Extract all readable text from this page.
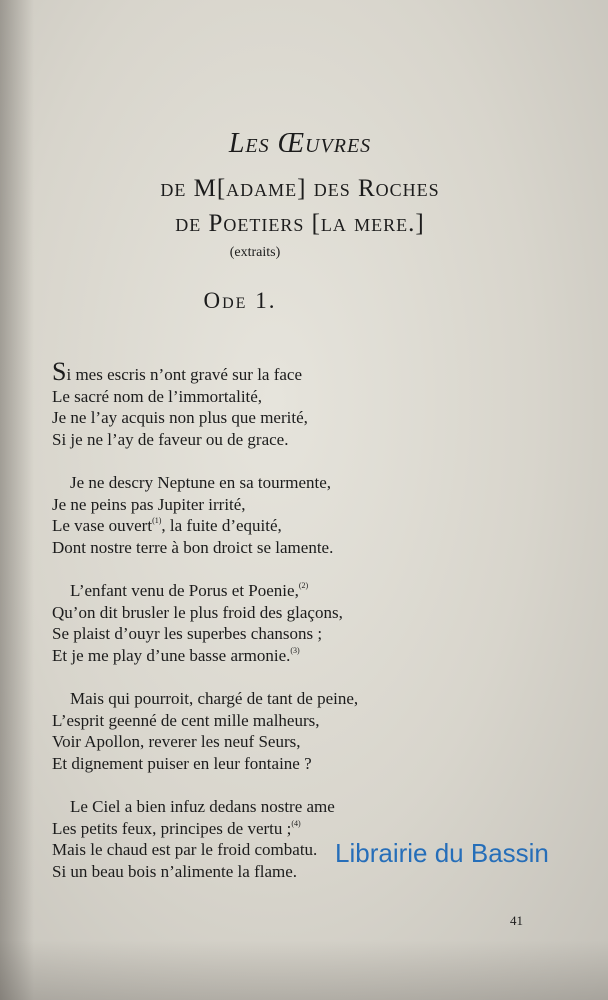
Les Œuvres
de M[adame] des Roches
de Poetiers [la mere.]
(extraits)
Ode 1.
Si mes escris n’ont gravé sur la face
Le sacré nom de l’immortalité,
Je ne l’ay acquis non plus que merité,
Si je ne l’ay de faveur ou de grace.
Je ne descry Neptune en sa tourmente,
Je ne peins pas Jupiter irrité,
Le vase ouvert$^{(1)}$, la fuite d’equité,
Dont nostre terre à bon droict se lamente.
L’enfant venu de Porus et Poenie,$^{(2)}$
Qu’on dit brusler le plus froid des glaçons,
Se plaist d’ouyr les superbes chansons ;
Et je me play d’une basse armonie.$^{(3)}$
Mais qui pourroit, chargé de tant de peine,
L’esprit geenné de cent mille malheurs,
Voir Apollon, reverer les neuf Seurs,
Et dignement puiser en leur fontaine ?
Le Ciel a bien infuz dedans nostre ame
Les petits feux, principes de vertu ;$^{(4)}$
Mais le chaud est par le froid combatu.
Si un beau bois n’alimente la flame.
41
Librairie du Bassin
